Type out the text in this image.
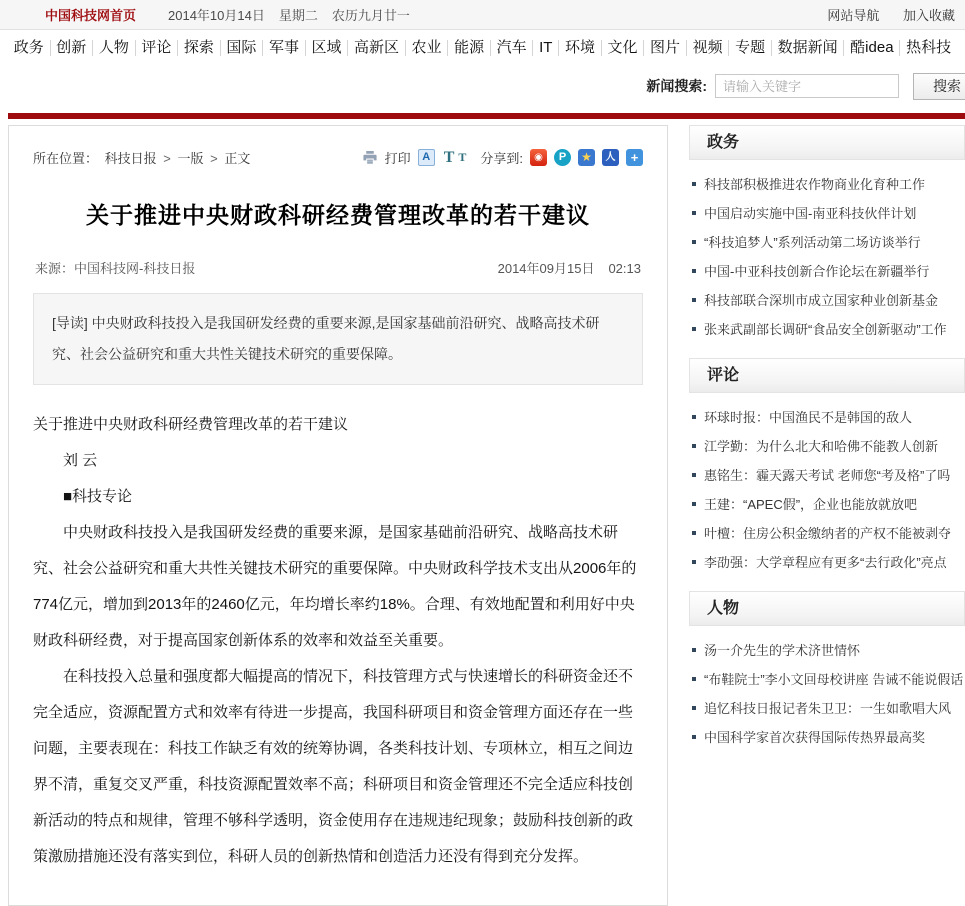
中国科技网首页 2014年10月14日 星期二 农历九月廿一	网站导航 加入收藏
政务 创新 人物 评论 探索 国际 军事 区域 高新区 农业 能源 汽车 IT 环境 文化 图片 视频 专题 数据新闻 酷idea 热科技
新闻搜索:
请输入关键字	搜索
所在位置： 科技日报 > 一版 > 正文	打印	A T T 分享到:	◉	P	★	人	+
关于推进中央财政科研经费管理改革的若干建议
来源：中国科技网-科技日报	2014年09月15日 02:13
[导读] 中央财政科技投入是我国研发经费的重要来源,是国家基础前沿研究、战略高技术研究、社会公益研究和重大共性关键技术研究的重要保障。

关于推进中央财政科研经费管理改革的若干建议

刘 云

■科技专论

中央财政科技投入是我国研发经费的重要来源，是国家基础前沿研究、战略高技术研究、社会公益研究和重大共性关键技术研究的重要保障。中央财政科学技术支出从2006年的774亿元，增加到2013年的2460亿元，年均增长率约18%。合理、有效地配置和利用好中央财政科研经费，对于提高国家创新体系的效率和效益至关重要。

在科技投入总量和强度都大幅提高的情况下，科技管理方式与快速增长的科研资金还不完全适应，资源配置方式和效率有待进一步提高，我国科研项目和资金管理方面还存在一些问题，主要表现在：科技工作缺乏有效的统筹协调，各类科技计划、专项林立，相互之间边界不清，重复交叉严重，科技资源配置效率不高；科研项目和资金管理还不完全适应科技创新活动的特点和规律，管理不够科学透明，资金使用存在违规违纪现象；鼓励科技创新的政策激励措施还没有落实到位，科研人员的创新热情和创造活力还没有得到充分发挥。

政务
科技部积极推进农作物商业化育种工作
中国启动实施中国-南亚科技伙伴计划
“科技追梦人”系列活动第二场访谈举行
中国-中亚科技创新合作论坛在新疆举行
科技部联合深圳市成立国家种业创新基金
张来武副部长调研“食品安全创新驱动”工作
评论
环球时报：中国渔民不是韩国的敌人
江学勤：为什么北大和哈佛不能教人创新
惠铭生：霾天露天考试 老师您“考及格”了吗
王建：“APEC假”，企业也能放就放吧
叶檀：住房公积金缴纳者的产权不能被剥夺
李劭强：大学章程应有更多“去行政化”亮点
人物
汤一介先生的学术济世情怀
“布鞋院士”李小文回母校讲座 告诫不能说假话
追忆科技日报记者朱卫卫：一生如歌唱大风
中国科学家首次获得国际传热界最高奖
